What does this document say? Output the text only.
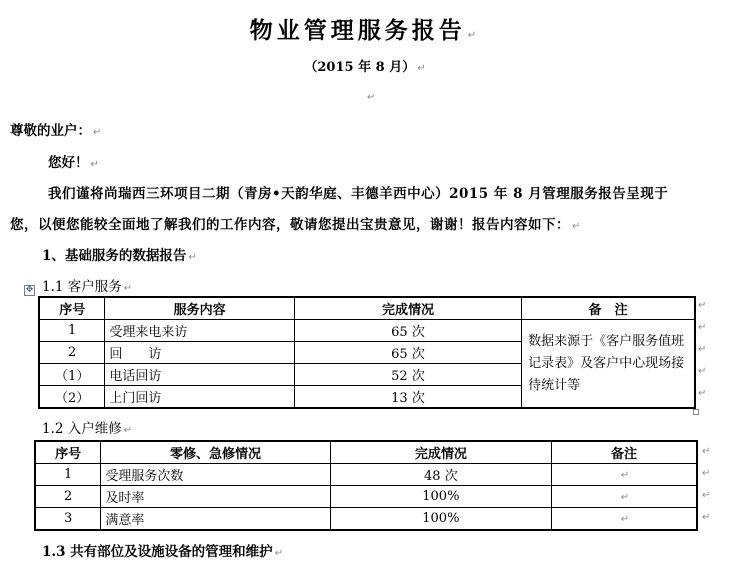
物业管理服务报告 ↵
（2015 年 8 月） ↵
↵
尊敬的业户： ↵
您好！ ↵
我们谨将尚瑞西三环项目二期（青房•天韵华庭、丰德羊西中心）2015 年 8 月管理服务报告呈现于
您，以便您能较全面地了解我们的工作内容，敬请您提出宝贵意见，谢谢！报告内容如下： ↵
1、基础服务的数据报告 ↵
1.1 客户服务 ↵
✥
序号	服务内容	完成情况	备　注
1	受理来电来访	65 次	数据来源于《客户服务值班记录表》及客户中心现场接待统计等
2	回　　访	65 次	
（1）	电话回访	52 次	
（2）	上门回访	13 次	
↵
↵
↵
↵
↵
1.2 入户维修 ↵
序号	零修、急修情况	完成情况	备注
1	受理服务次数	48 次	↵
2	及时率	100%	↵
3	满意率	100%	↵
↵
↵
↵
↵
1.3 共有部位及设施设备的管理和维护 ↵
